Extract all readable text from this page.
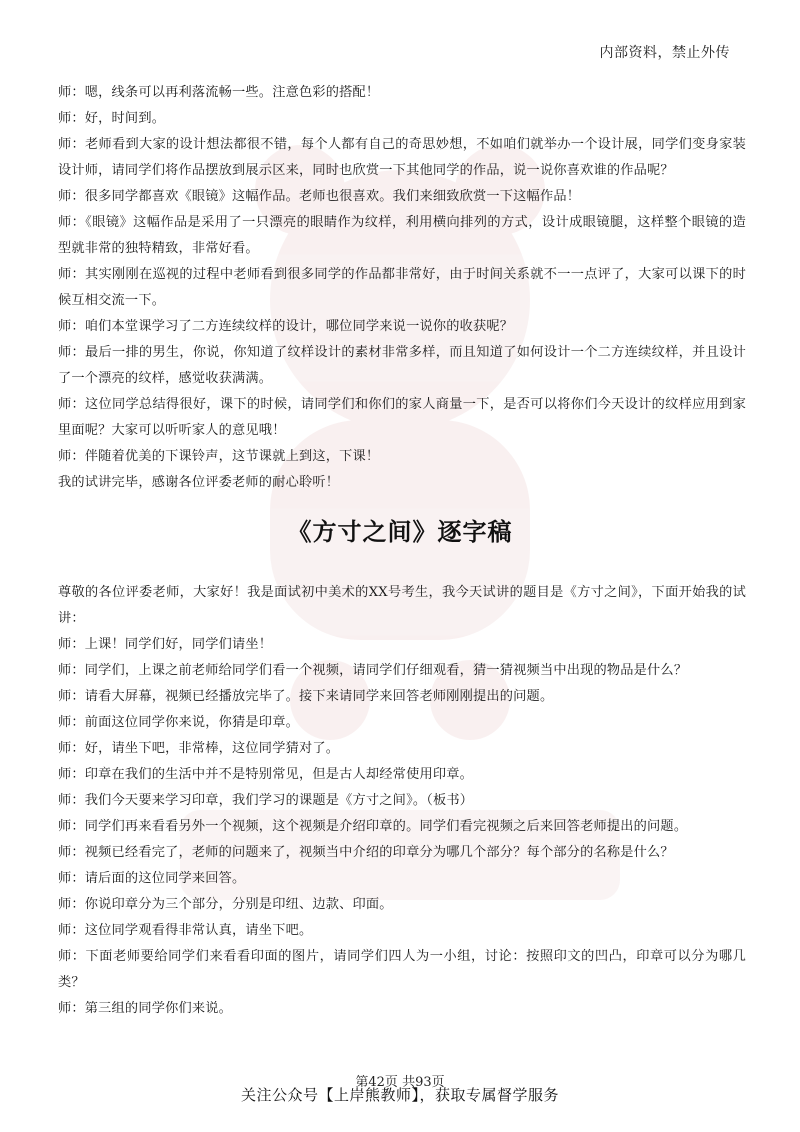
内部资料，禁止外传

师：嗯，线条可以再利落流畅一些。注意色彩的搭配！

师：好，时间到。

师：老师看到大家的设计想法都很不错，每个人都有自己的奇思妙想，不如咱们就举办一个设计展，同学们变身家装设计师，请同学们将作品摆放到展示区来，同时也欣赏一下其他同学的作品，说一说你喜欢谁的作品呢？

师：很多同学都喜欢《眼镜》这幅作品。老师也很喜欢。我们来细致欣赏一下这幅作品！

师：《眼镜》这幅作品是采用了一只漂亮的眼睛作为纹样，利用横向排列的方式，设计成眼镜腿，这样整个眼镜的造型就非常的独特精致，非常好看。

师：其实刚刚在巡视的过程中老师看到很多同学的作品都非常好，由于时间关系就不一一点评了，大家可以课下的时候互相交流一下。

师：咱们本堂课学习了二方连续纹样的设计，哪位同学来说一说你的收获呢？

师：最后一排的男生，你说，你知道了纹样设计的素材非常多样，而且知道了如何设计一个二方连续纹样，并且设计了一个漂亮的纹样，感觉收获满满。

师：这位同学总结得很好，课下的时候，请同学们和你们的家人商量一下，是否可以将你们今天设计的纹样应用到家里面呢？大家可以听听家人的意见哦！

师：伴随着优美的下课铃声，这节课就上到这，下课！

我的试讲完毕，感谢各位评委老师的耐心聆听！

《方寸之间》逐字稿

尊敬的各位评委老师，大家好！我是面试初中美术的XX号考生，我今天试讲的题目是《方寸之间》，下面开始我的试讲：

师：上课！同学们好，同学们请坐！

师：同学们，上课之前老师给同学们看一个视频，请同学们仔细观看，猜一猜视频当中出现的物品是什么？

师：请看大屏幕，视频已经播放完毕了。接下来请同学来回答老师刚刚提出的问题。

师：前面这位同学你来说，你猜是印章。

师：好，请坐下吧，非常棒，这位同学猜对了。

师：印章在我们的生活中并不是特别常见，但是古人却经常使用印章。

师：我们今天要来学习印章，我们学习的课题是《方寸之间》。（板书）

师：同学们再来看看另外一个视频，这个视频是介绍印章的。同学们看完视频之后来回答老师提出的问题。

师：视频已经看完了，老师的问题来了，视频当中介绍的印章分为哪几个部分？每个部分的名称是什么？

师：请后面的这位同学来回答。

师：你说印章分为三个部分，分别是印纽、边款、印面。

师：这位同学观看得非常认真，请坐下吧。

师：下面老师要给同学们来看看印面的图片，请同学们四人为一小组，讨论：按照印文的凹凸，印章可以分为哪几类？

师：第三组的同学你们来说。

第42页 共93页
关注公众号【上岸熊教师】，获取专属督学服务
